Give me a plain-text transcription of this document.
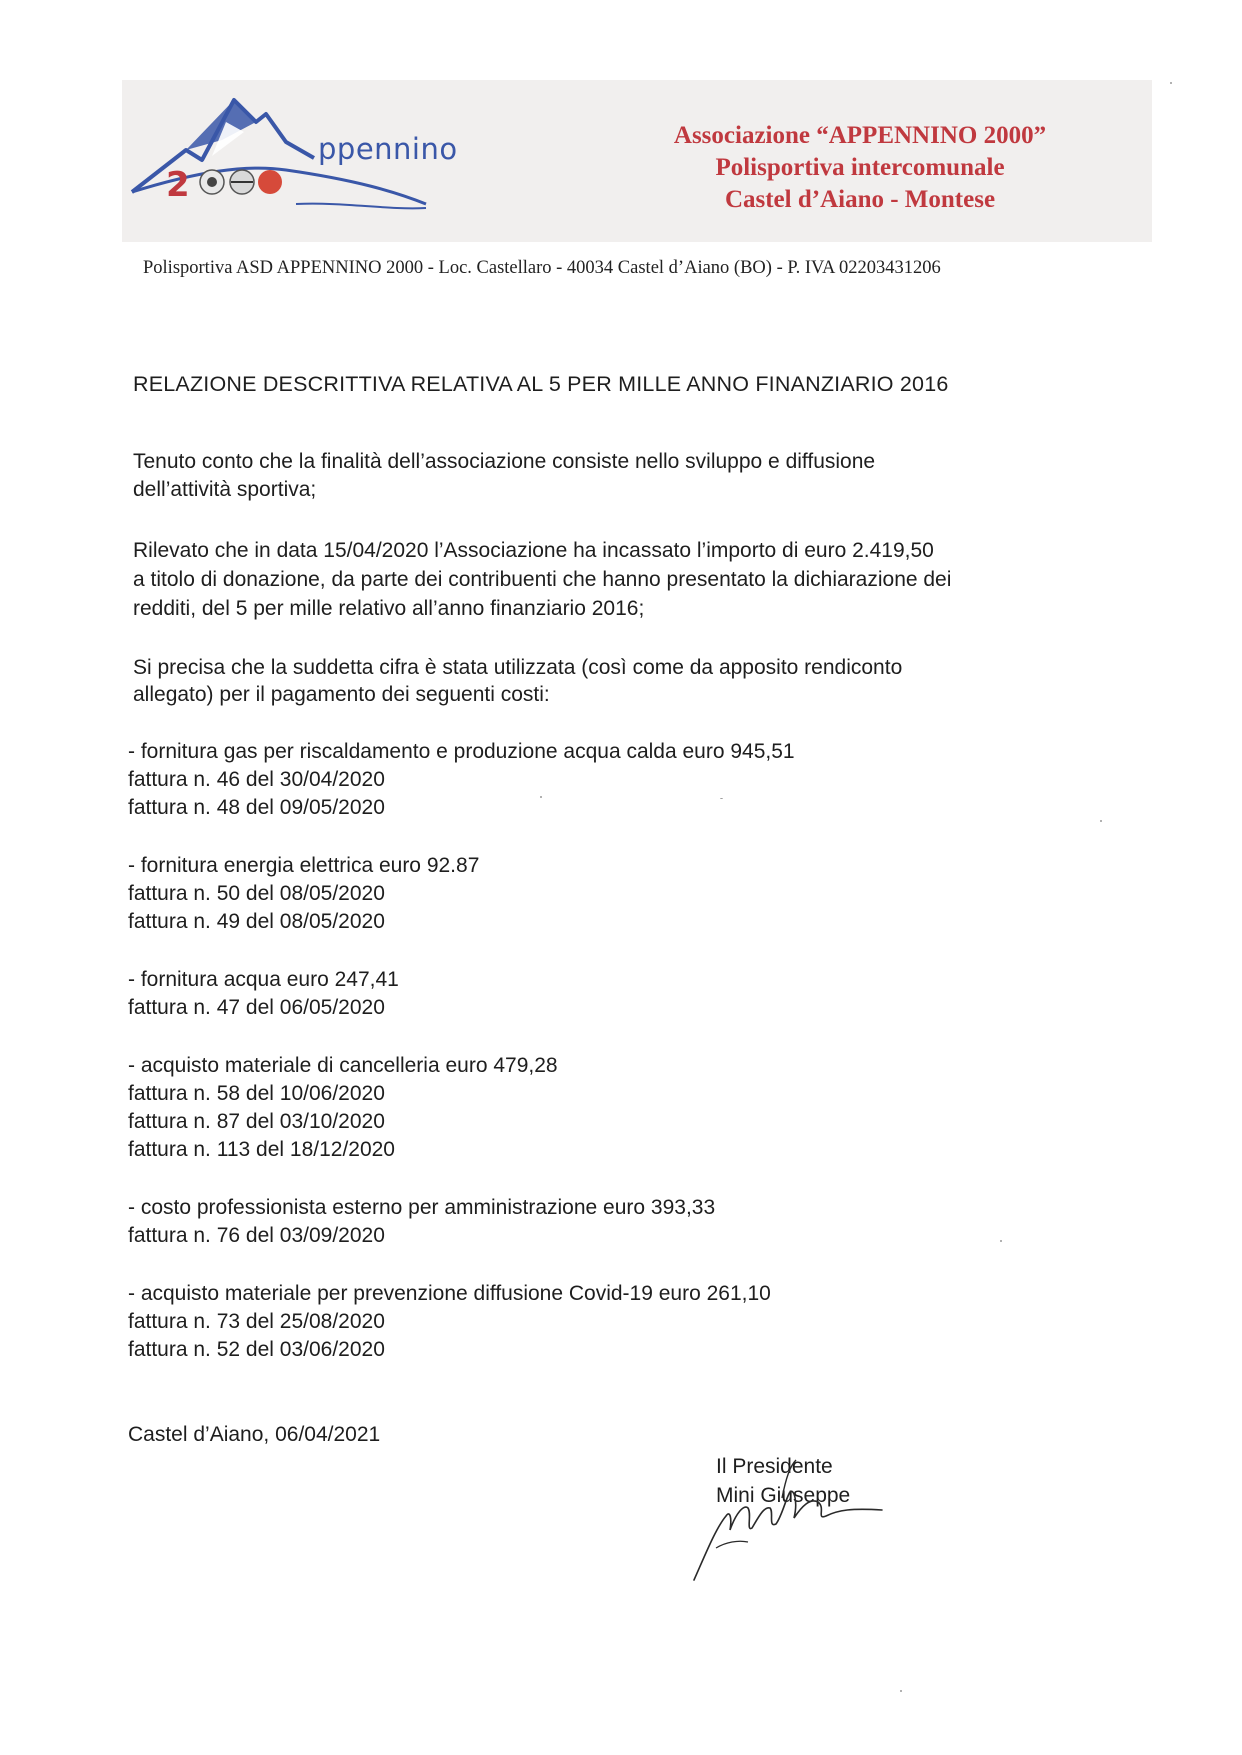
2
ppennino	Associazione “APPENNINO 2000”
Polisportiva intercomunale
Castel d’Aiano - Montese
Polisportiva ASD APPENNINO 2000 - Loc. Castellaro - 40034 Castel d’Aiano (BO) - P. IVA 02203431206
RELAZIONE DESCRITTIVA RELATIVA AL 5 PER MILLE ANNO FINANZIARIO 2016
Tenuto conto che la finalità dell’associazione consiste nello sviluppo e diffusione
dell’attività sportiva;
Rilevato che in data 15/04/2020 l’Associazione ha incassato l’importo di euro 2.419,50
a titolo di donazione, da parte dei contribuenti che hanno presentato la dichiarazione dei
redditi, del 5 per mille relativo all’anno finanziario 2016;
Si precisa che la suddetta cifra è stata utilizzata (così come da apposito rendiconto
allegato) per il pagamento dei seguenti costi:
- fornitura gas per riscaldamento e produzione acqua calda euro 945,51
fattura n. 46 del 30/04/2020
fattura n. 48 del 09/05/2020
- fornitura energia elettrica euro 92.87
fattura n. 50 del 08/05/2020
fattura n. 49 del 08/05/2020
- fornitura acqua euro 247,41
fattura n. 47 del 06/05/2020
- acquisto materiale di cancelleria euro 479,28
fattura n. 58 del 10/06/2020
fattura n. 87 del 03/10/2020
fattura n. 113 del 18/12/2020
- costo professionista esterno per amministrazione euro 393,33
fattura n. 76 del 03/09/2020
- acquisto materiale per prevenzione diffusione Covid-19 euro 261,10
fattura n. 73 del 25/08/2020
fattura n. 52 del 03/06/2020
Castel d’Aiano, 06/04/2021
Il Presidente
Mini Giuseppe
